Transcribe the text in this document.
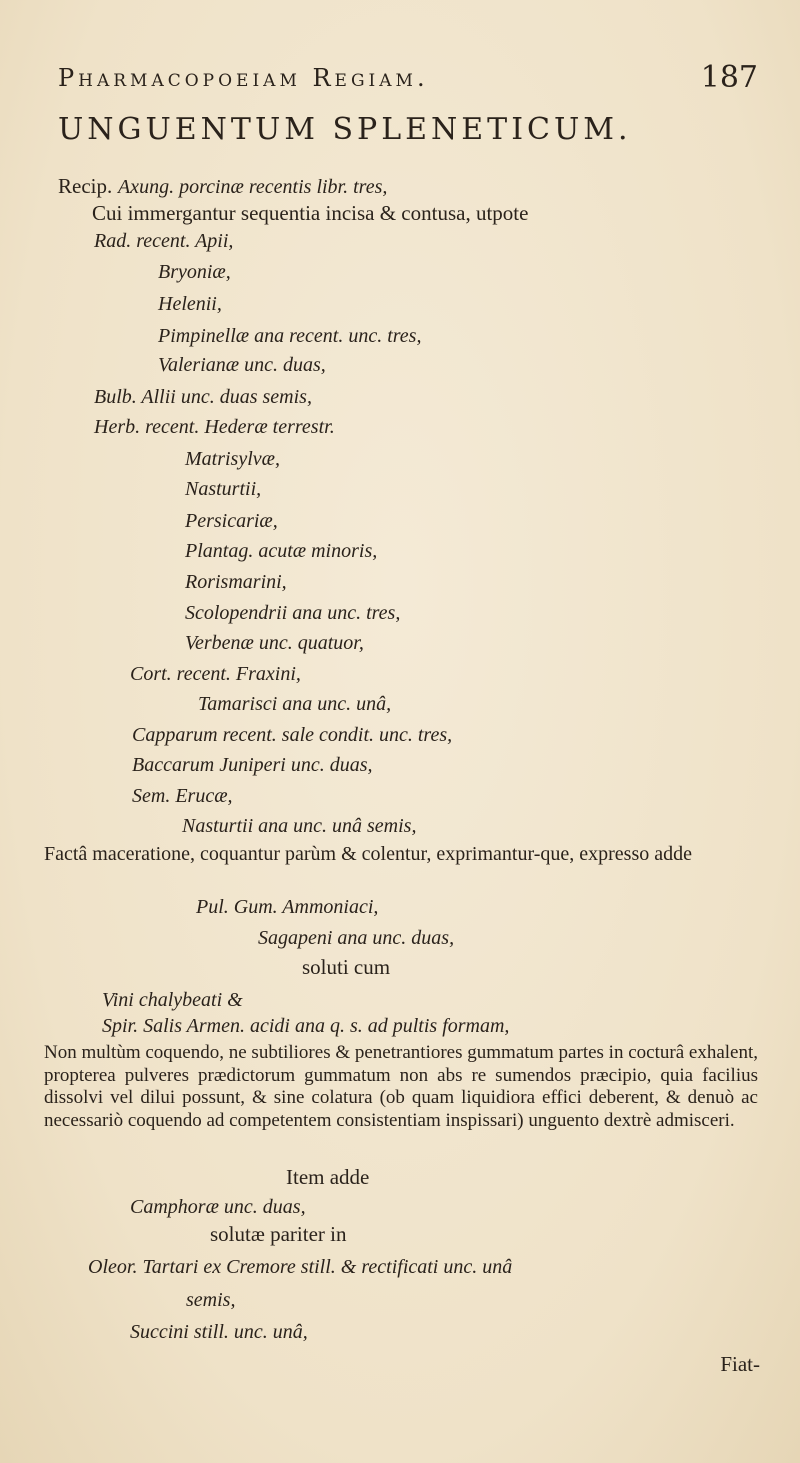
Pharmacopoeiam Regiam.	187
UNGUENTUM SPLENETICUM.
Recip. Axung. porcinæ recentis libr. tres,
Cui immergantur sequentia incisa & contusa, utpote
Rad. recent. Apii,
Bryoniæ,
Helenii,
Pimpinellæ ana recent. unc. tres,
Valerianæ unc. duas,
Bulb. Allii unc. duas semis,
Herb. recent. Hederæ terrestr.
Matrisylvæ,
Nasturtii,
Persicariæ,
Plantag. acutæ minoris,
Rorismarini,
Scolopendrii ana unc. tres,
Verbenæ unc. quatuor,
Cort. recent. Fraxini,
Tamarisci ana unc. unâ,
Capparum recent. sale condit. unc. tres,
Baccarum Juniperi unc. duas,
Sem. Erucæ,
Nasturtii ana unc. unâ semis,
Factâ maceratione, coquantur parùm & colentur, exprimantur-que, expresso adde
Pul. Gum. Ammoniaci,
Sagapeni ana unc. duas,
soluti cum
Vini chalybeati &
Spir. Salis Armen. acidi ana q. s. ad pultis formam,
Non multùm coquendo, ne subtiliores & penetrantiores gummatum partes in cocturâ exhalent, propterea pulveres prædictorum gummatum non abs re sumendos præcipio, quia facilius dissolvi vel dilui possunt, & sine colatura (ob quam liquidiora effici deberent, & denuò ac necessariò coquendo ad competentem consistentiam inspissari) unguento dextrè admisceri.
Item adde
Camphoræ unc. duas,
solutæ pariter in
Oleor. Tartari ex Cremore still. & rectificati unc. unâ
semis,
Succini still. unc. unâ,
Fiat-
